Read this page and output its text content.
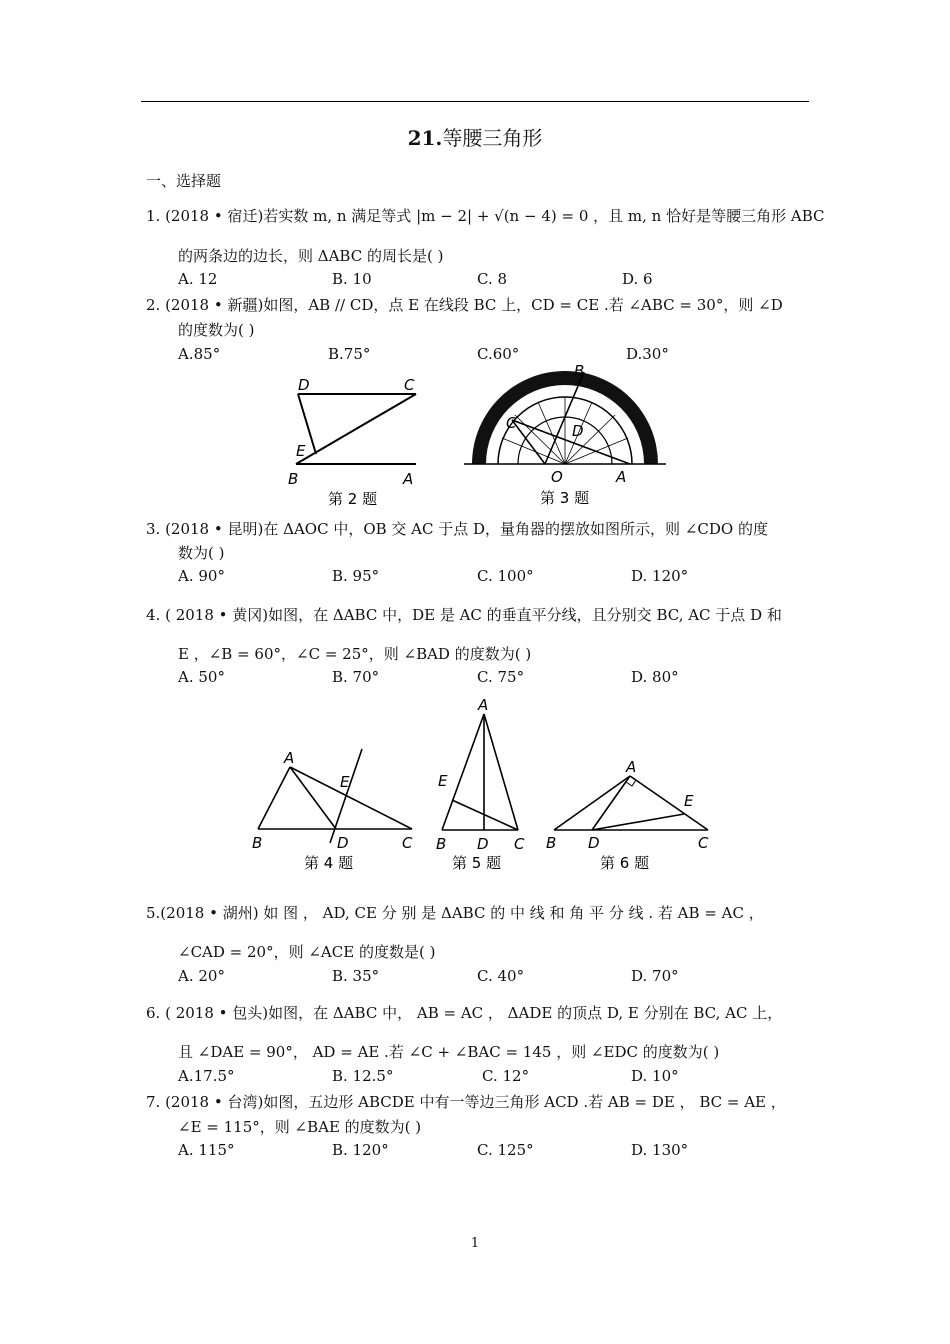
21.等腰三角形
一、选择题
1. (2018 • 宿迁)若实数 m, n 满足等式 |m − 2| + √(n − 4) = 0 ，且 m, n 恰好是等腰三角形 ABC
的两条边的边长，则 ΔABC 的周长是( )
A. 12	B. 10	C. 8	D. 6
2. (2018 • 新疆)如图，AB // CD，点 E 在线段 BC 上，CD = CE .若 ∠ABC = 30°，则 ∠D
的度数为( )
A.85°	B.75°	C.60°	D.30°
D	C
E
B	A
第 2 题
B
C	D
O	A
第 3 题
3. (2018 • 昆明)在 ΔAOC 中，OB 交 AC 于点 D，量角器的摆放如图所示，则 ∠CDO 的度
数为( )
A. 90°	B. 95°	C. 100°	D. 120°
4. ( 2018 • 黄冈)如图，在 ΔABC 中，DE 是 AC 的垂直平分线，且分别交 BC, AC 于点 D 和
E ，∠B = 60°，∠C = 25°，则 ∠BAD 的度数为( )
A. 50°	B. 70°	C. 75°	D. 80°
A
E
B	D	C
第 4 题
A
E
B D C
第 5 题
A
E
B D	C
第 6 题
5.(2018 • 湖州) 如 图 ， AD, CE 分 别 是 ΔABC 的 中 线 和 角 平 分 线 . 若 AB = AC ，
∠CAD = 20°，则 ∠ACE 的度数是( )
A. 20°	B. 35°	C. 40°	D. 70°
6. ( 2018 • 包头)如图，在 ΔABC 中， AB = AC ， ΔADE 的顶点 D, E 分别在 BC, AC 上，
且 ∠DAE = 90°， AD = AE .若 ∠C + ∠BAC = 145 ，则 ∠EDC 的度数为( )
A.17.5°	B. 12.5°	C. 12°	D. 10°
7. (2018 • 台湾)如图，五边形 ABCDE 中有一等边三角形 ACD .若 AB = DE ， BC = AE ，
∠E = 115°，则 ∠BAE 的度数为( )
A. 115°	B. 120°	C. 125°	D. 130°
1
